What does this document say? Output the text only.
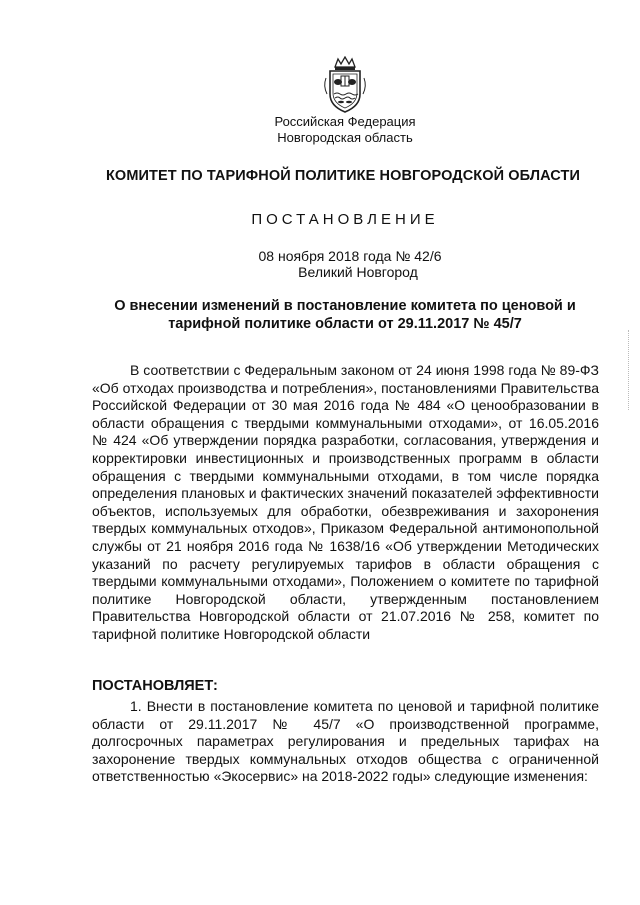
Российская Федерация
Новгородская область
КОМИТЕТ ПО ТАРИФНОЙ ПОЛИТИКЕ НОВГОРОДСКОЙ ОБЛАСТИ
ПОСТАНОВЛЕНИЕ
08 ноября 2018 года № 42/6
Великий Новгород
О внесении изменений в постановление комитета по ценовой и тарифной политике области от 29.11.2017 № 45/7

В соответствии с Федеральным законом от 24 июня 1998 года № 89-ФЗ «Об отходах производства и потребления», постановлениями Правительства Российской Федерации от 30 мая 2016 года № 484 «О ценообразовании в области обращения с твердыми коммунальными отходами», от 16.05.2016 № 424 «Об утверждении порядка разработки, согласования, утверждения и корректировки инвестиционных и производственных программ в области обращения с твердыми коммунальными отходами, в том числе порядка определения плановых и фактических значений показателей эффективности объектов, используемых для обработки, обезвреживания и захоронения твердых коммунальных отходов», Приказом Федеральной антимонопольной службы от 21 ноября 2016 года № 1638/16 «Об утверждении Методических указаний по расчету регулируемых тарифов в области обращения с твердыми коммунальными отходами», Положением о комитете по тарифной политике Новгородской области, утвержденным постановлением Правительства Новгородской области от 21.07.2016 № 258, комитет по тарифной политике Новгородской области

ПОСТАНОВЛЯЕТ:

1. Внести в постановление комитета по ценовой и тарифной политике области от 29.11.2017 № 45/7 «О производственной программе, долгосрочных параметрах регулирования и предельных тарифах на захоронение твердых коммунальных отходов общества с ограниченной ответственностью «Экосервис» на 2018-2022 годы» следующие изменения:
